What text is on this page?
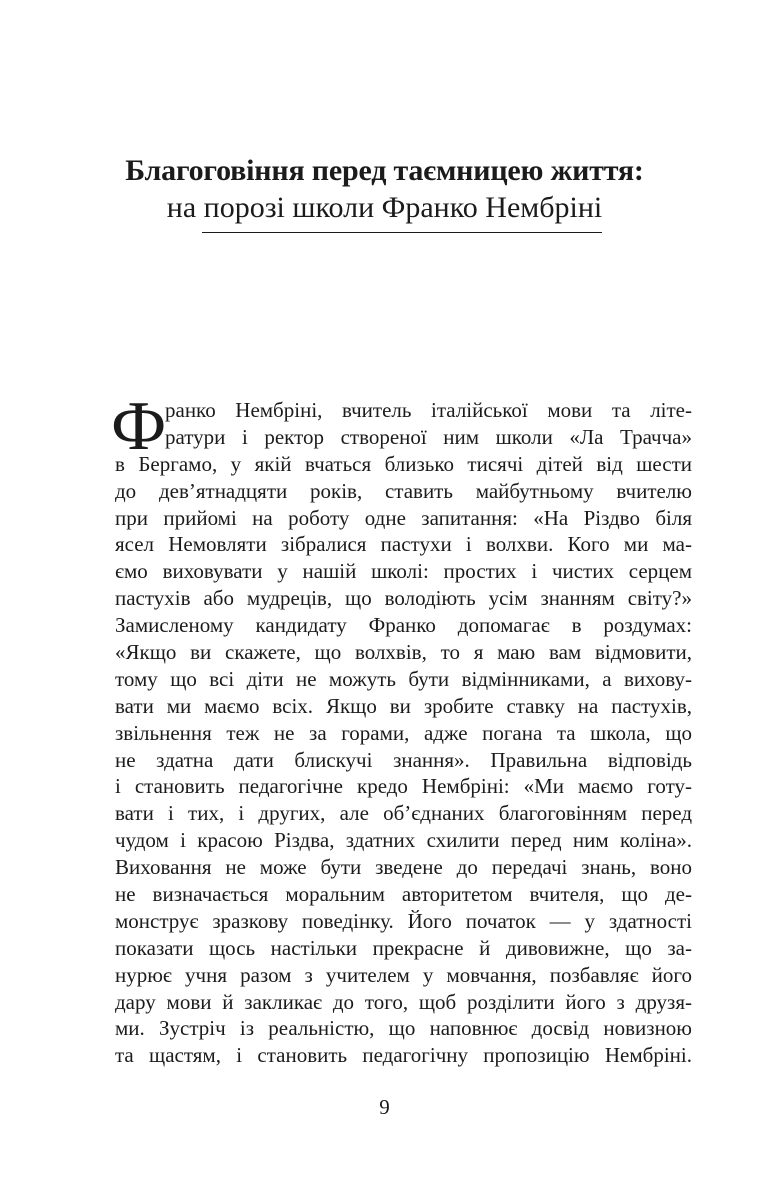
Благоговіння перед таємницею життя:
на порозі школи Франко Нембріні
Ф
ранко Нембріні, вчитель італійської мови та літе-
ратури і ректор створеної ним школи «Ла Трачча»
в Бергамо, у якій вчаться близько тисячі дітей від шести
до дев’ятнадцяти років, ставить майбутньому вчителю
при прийомі на роботу одне запитання: «На Різдво біля
ясел Немовляти зібралися пастухи і волхви. Кого ми ма-
ємо виховувати у нашій школі: простих і чистих серцем
пастухів або мудреців, що володіють усім знанням світу?»
Замисленому кандидату Франко допомагає в роздумах:
«Якщо ви скажете, що волхвів, то я маю вам відмовити,
тому що всі діти не можуть бути відмінниками, а вихову-
вати ми маємо всіх. Якщо ви зробите ставку на пастухів,
звільнення теж не за горами, адже погана та школа, що
не здатна дати блискучі знання». Правильна відповідь
і становить педагогічне кредо Нембріні: «Ми маємо готу-
вати і тих, і других, але об’єднаних благоговінням перед
чудом і красою Різдва, здатних схилити перед ним коліна».
Виховання не може бути зведене до передачі знань, воно
не визначається моральним авторитетом вчителя, що де-
монструє зразкову поведінку. Його початок — у здатності
показати щось настільки прекрасне й дивовижне, що за-
нурює учня разом з учителем у мовчання, позбавляє його
дару мови й закликає до того, щоб розділити його з друзя-
ми. Зустріч із реальністю, що наповнює досвід новизною
та щастям, і становить педагогічну пропозицію Нембріні.
9
